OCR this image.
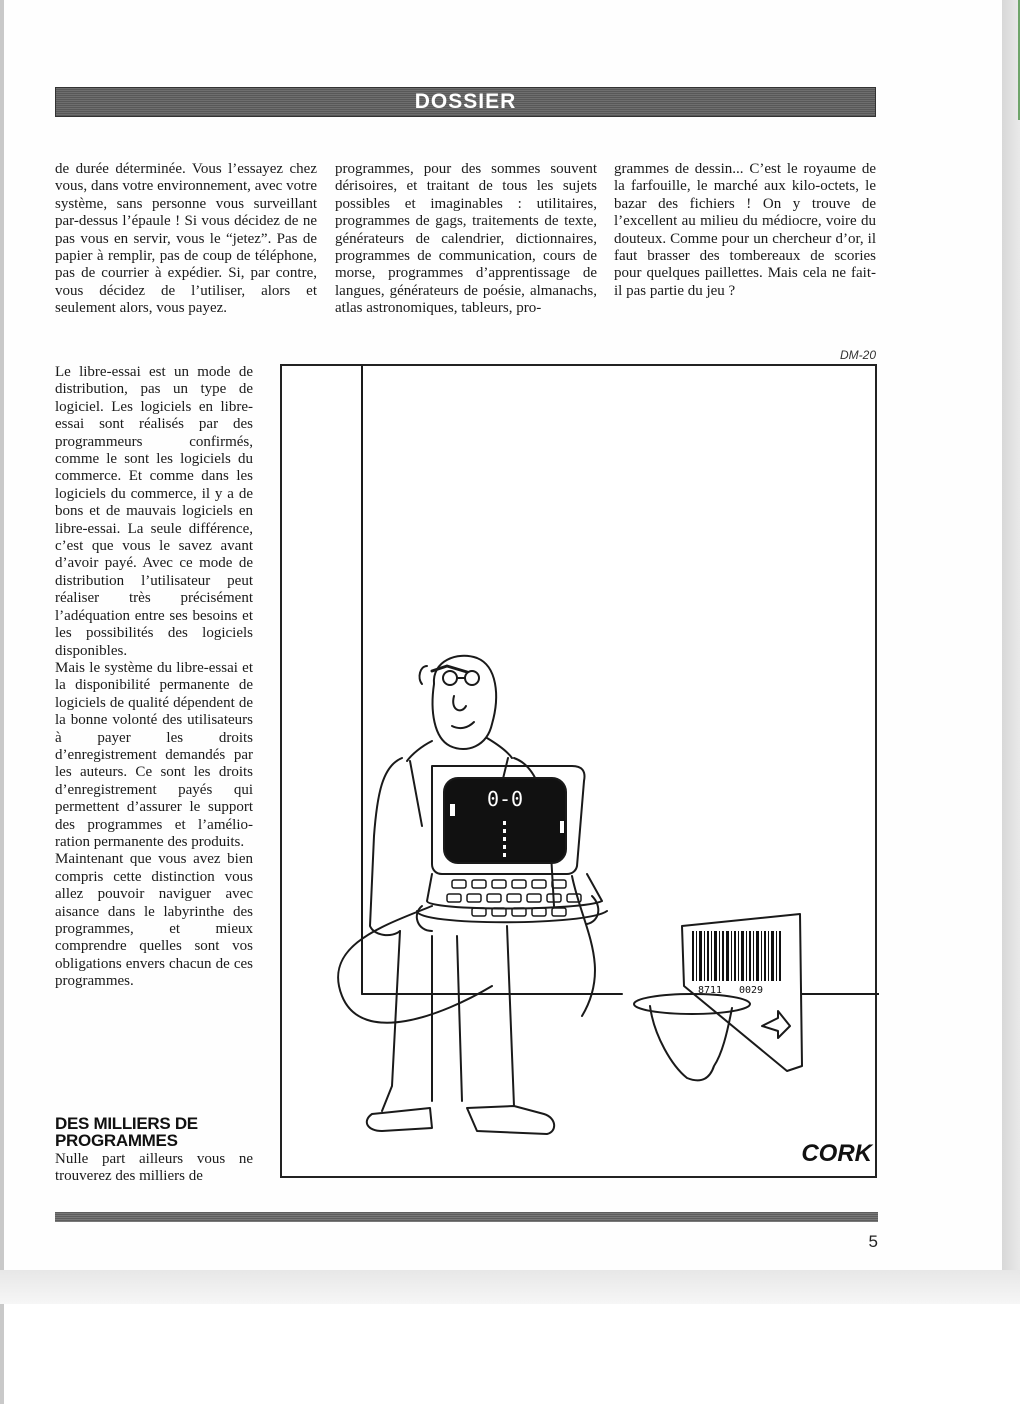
DOSSIER

de durée déterminée. Vous l’essayez chez vous, dans votre environnement, avec votre système, sans personne vous surveillant par-dessus l’épaule ! Si vous décidez de ne pas vous en servir, vous le “jetez”. Pas de papier à remplir, pas de coup de téléphone, pas de courrier à expédier. Si, par contre, vous décidez de l’utiliser, alors et seulement alors, vous payez.

Le libre-essai est un mode de distribution, pas un type de logiciel. Les logiciels en libre-essai sont réalisés par des programmeurs confirmés, comme le sont les logiciels du commerce. Et comme dans les logiciels du commerce, il y a de bons et de mauvais logiciels en libre-essai. La seule différence, c’est que vous le savez avant d’avoir payé. Avec ce mode de distribution l’utilisateur peut réaliser très précisément l’adéquation entre ses besoins et les possibilités des logiciels disponibles.

Mais le système du libre-essai et la disponibilité permanente de logiciels de qualité dépendent de la bonne volonté des utilisateurs à payer les droits d’enregistrement demandés par les auteurs. Ce sont les droits d’enregistrement payés qui permettent d’assurer le support des programmes et l’amélio-ration permanente des produits.

Maintenant que vous avez bien compris cette distinction vous allez pouvoir naviguer avec aisance dans le labyrinthe des programmes, et mieux comprendre quelles sont vos obligations envers chacun de ces programmes.

DES MILLIERS DE PROGRAMMES

Nulle part ailleurs vous ne trouverez des milliers de

programmes, pour des sommes souvent dérisoires, et traitant de tous les sujets possibles et imaginables : utilitaires, programmes de gags, traitements de texte, générateurs de calendrier, dictionnaires, programmes de communication, cours de morse, programmes d’apprentissage de langues, générateurs de poésie, almanachs, atlas astronomiques, tableurs, pro-

grammes de dessin... C’est le royaume de la farfouille, le marché aux kilo-octets, le bazar des fichiers ! On y trouve de l’excellent au milieu du médiocre, voire du douteux. Comme pour un chercheur d’or, il faut brasser des tombereaux de scories pour quelques paillettes. Mais cela ne fait-il pas partie du jeu ?

DM-20
0-0
8711 0029
CORK
5
